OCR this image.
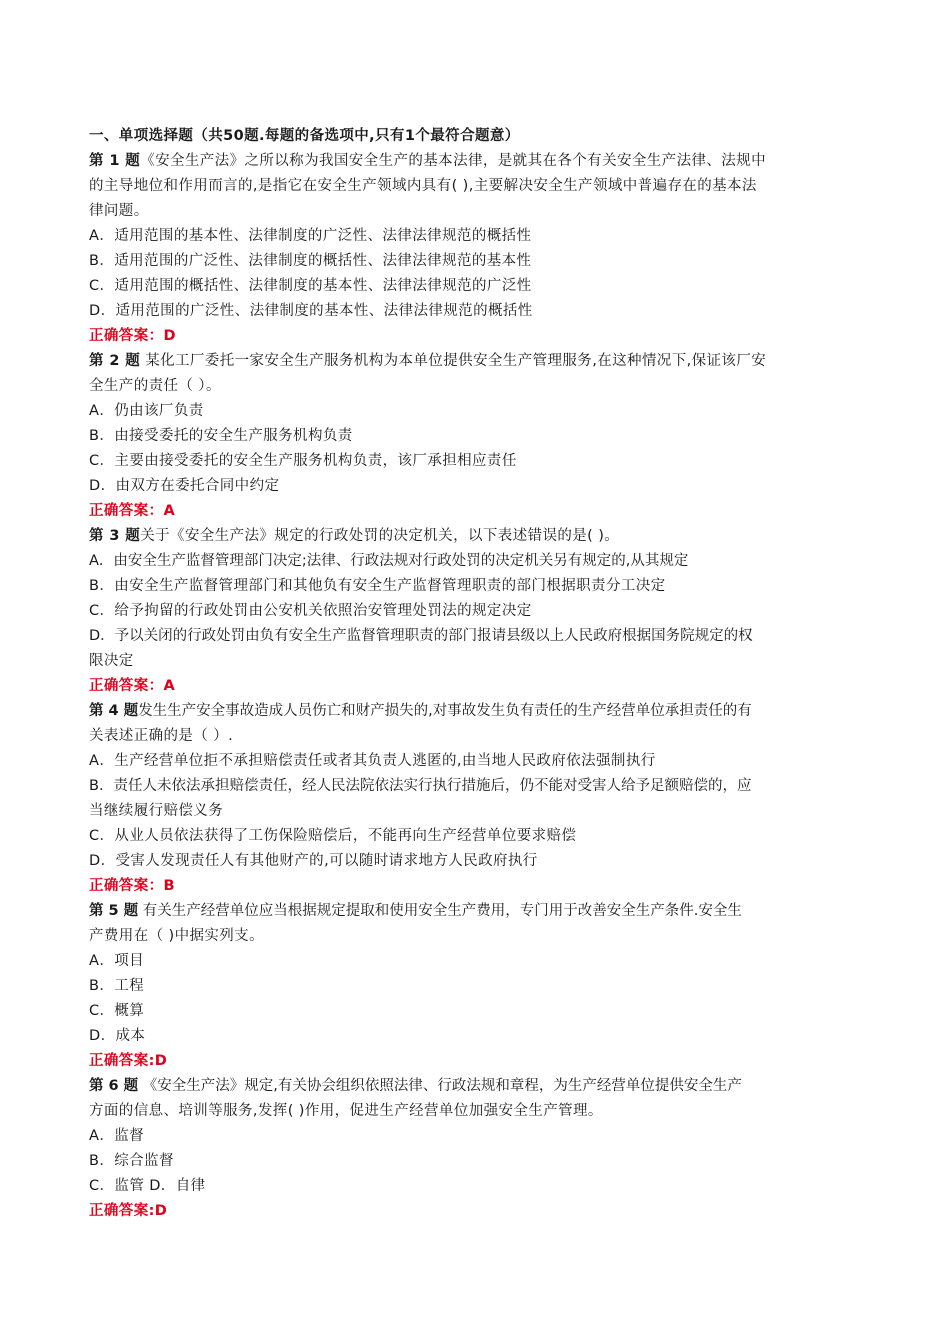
一、单项选择题（共50题.每题的备选项中,只有1个最符合题意）
第 1 题《安全生产法》之所以称为我国安全生产的基本法律，是就其在各个有关安全生产法律、法规中
的主导地位和作用而言的,是指它在安全生产领域内具有( ),主要解决安全生产领域中普遍存在的基本法
律问题。
A．适用范围的基本性、法律制度的广泛性、法律法律规范的概括性
B．适用范围的广泛性、法律制度的概括性、法律法律规范的基本性
C．适用范围的概括性、法律制度的基本性、法律法律规范的广泛性
D．适用范围的广泛性、法律制度的基本性、法律法律规范的概括性
正确答案：D
第 2 题 某化工厂委托一家安全生产服务机构为本单位提供安全生产管理服务,在这种情况下,保证该厂安
全生产的责任（ ）。
A．仍由该厂负责
B．由接受委托的安全生产服务机构负责
C．主要由接受委托的安全生产服务机构负责，该厂承担相应责任
D．由双方在委托合同中约定
正确答案：A
第 3 题关于《安全生产法》规定的行政处罚的决定机关，以下表述错误的是( )。
A．由安全生产监督管理部门决定;法律、行政法规对行政处罚的决定机关另有规定的,从其规定
B．由安全生产监督管理部门和其他负有安全生产监督管理职责的部门根据职责分工决定
C．给予拘留的行政处罚由公安机关依照治安管理处罚法的规定决定
D．予以关闭的行政处罚由负有安全生产监督管理职责的部门报请县级以上人民政府根据国务院规定的权
限决定
正确答案：A
第 4 题发生生产安全事故造成人员伤亡和财产损失的,对事故发生负有责任的生产经营单位承担责任的有
关表述正确的是（ ）.
A．生产经营单位拒不承担赔偿责任或者其负责人逃匿的,由当地人民政府依法强制执行
B．责任人未依法承担赔偿责任，经人民法院依法实行执行措施后，仍不能对受害人给予足额赔偿的，应
当继续履行赔偿义务
C．从业人员依法获得了工伤保险赔偿后，不能再向生产经营单位要求赔偿
D．受害人发现责任人有其他财产的,可以随时请求地方人民政府执行
正确答案：B
第 5 题 有关生产经营单位应当根据规定提取和使用安全生产费用，专门用于改善安全生产条件.安全生
产费用在（ )中据实列支。
A．项目
B．工程
C．概算
D．成本
正确答案:D
第 6 题 《安全生产法》规定,有关协会组织依照法律、行政法规和章程，为生产经营单位提供安全生产
方面的信息、培训等服务,发挥( )作用，促进生产经营单位加强安全生产管理。
A．监督
B．综合监督
C．监管 D．自律
正确答案:D
